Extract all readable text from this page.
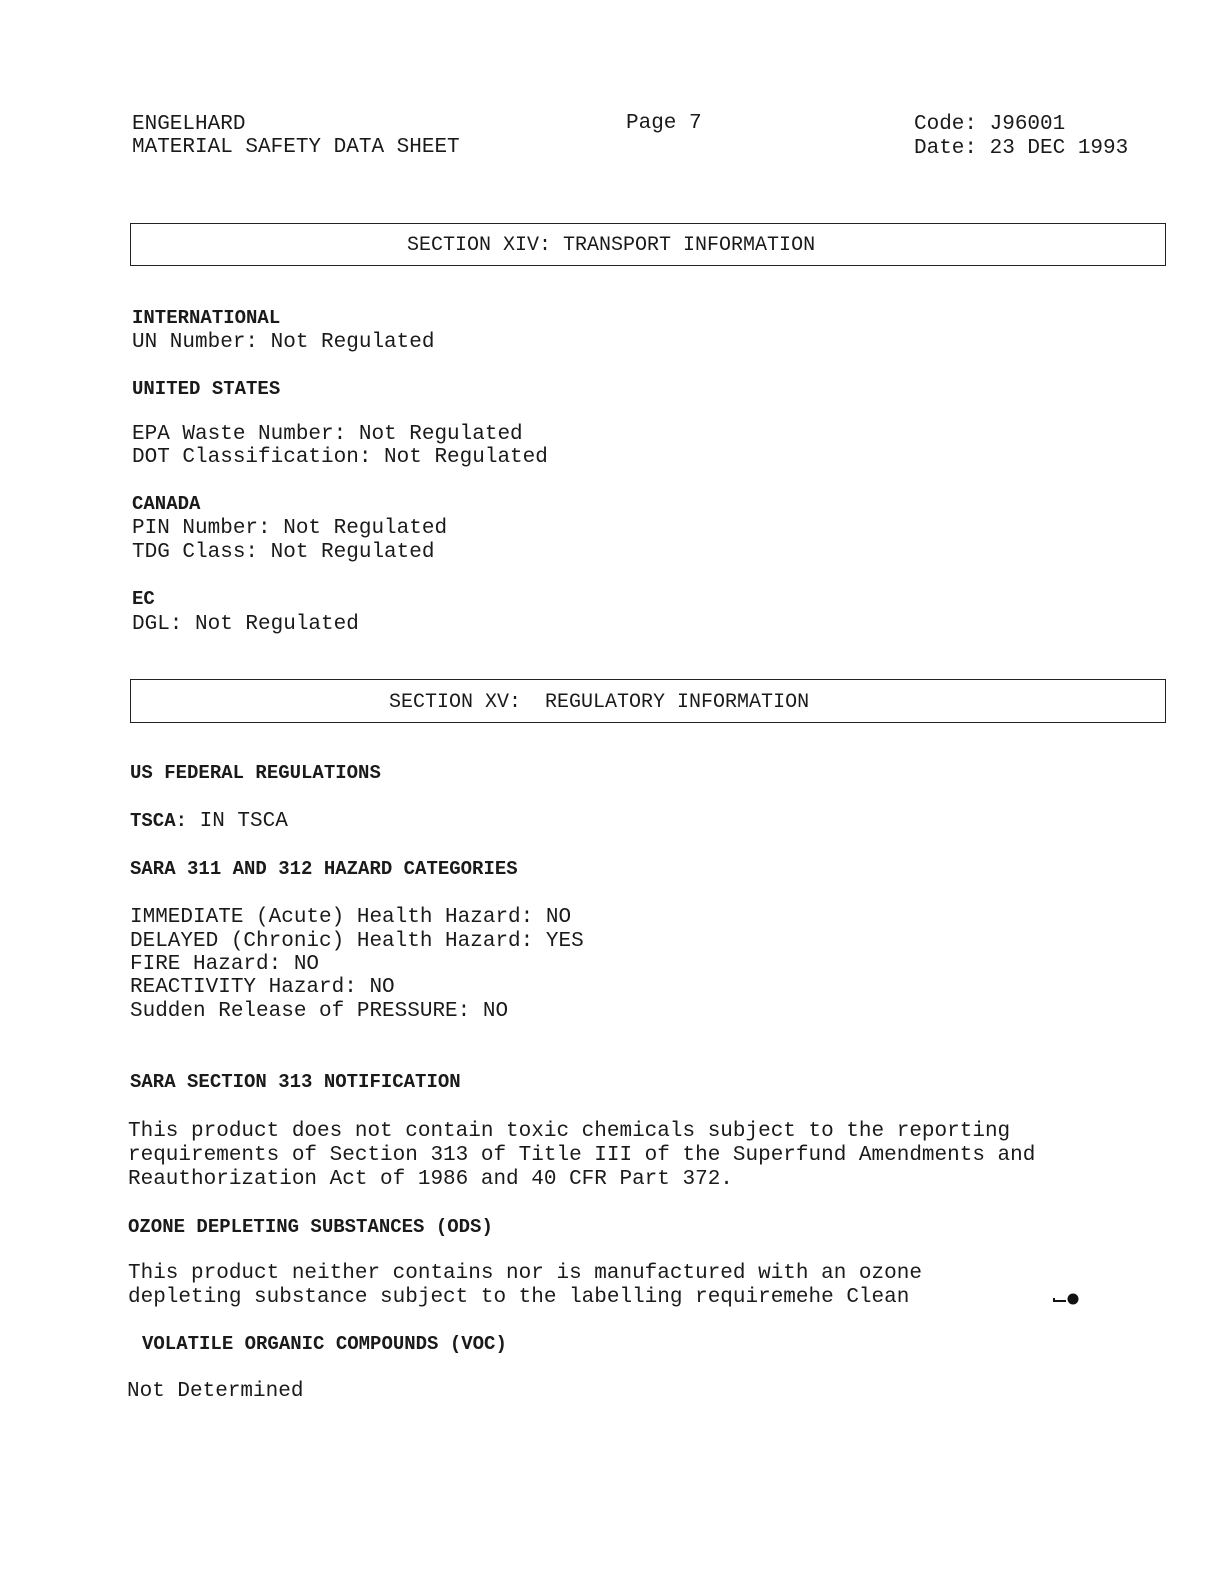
ENGELHARD
MATERIAL SAFETY DATA SHEET
Page 7	Code: J96001
Date: 23 DEC 1993
SECTION XIV: TRANSPORT INFORMATION
INTERNATIONAL
UN Number: Not Regulated
UNITED STATES
EPA Waste Number: Not Regulated
DOT Classification: Not Regulated
CANADA
PIN Number: Not Regulated
TDG Class: Not Regulated
EC
DGL: Not Regulated
SECTION XV:  REGULATORY INFORMATION
US FEDERAL REGULATIONS
TSCA: IN TSCA
SARA 311 AND 312 HAZARD CATEGORIES
IMMEDIATE (Acute) Health Hazard: NO
DELAYED (Chronic) Health Hazard: YES
FIRE Hazard: NO
REACTIVITY Hazard: NO
Sudden Release of PRESSURE: NO
SARA SECTION 313 NOTIFICATION
This product does not contain toxic chemicals subject to the reporting
requirements of Section 313 of Title III of the Superfund Amendments and
Reauthorization Act of 1986 and 40 CFR Part 372.
OZONE DEPLETING SUBSTANCES (ODS)
This product neither contains nor is manufactured with an ozone
depleting substance subject to the labelling requiremehe Clean
VOLATILE ORGANIC COMPOUNDS (VOC)
Not Determined
